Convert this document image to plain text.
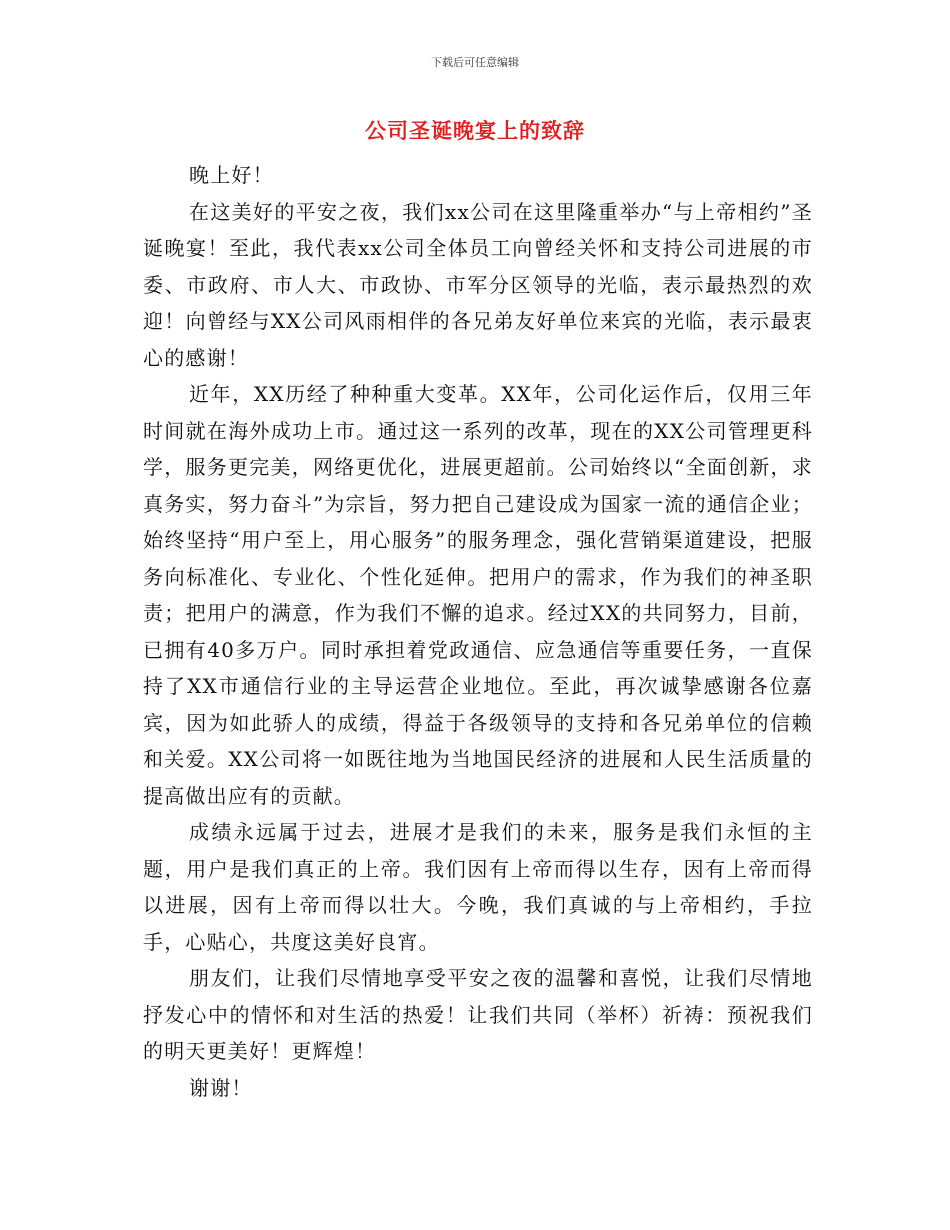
下载后可任意编辑
公司圣诞晚宴上的致辞

晚上好！

在这美好的平安之夜，我们xx公司在这里隆重举办“与上帝相约”圣诞晚宴！至此，我代表xx公司全体员工向曾经关怀和支持公司进展的市委、市政府、市人大、市政协、市军分区领导的光临，表示最热烈的欢迎！向曾经与XX公司风雨相伴的各兄弟友好单位来宾的光临，表示最衷心的感谢！

近年，XX历经了种种重大变革。XX年，公司化运作后，仅用三年时间就在海外成功上市。通过这一系列的改革，现在的XX公司管理更科学，服务更完美，网络更优化，进展更超前。公司始终以“全面创新，求真务实，努力奋斗”为宗旨，努力把自己建设成为国家一流的通信企业；始终坚持“用户至上，用心服务”的服务理念，强化营销渠道建设，把服务向标准化、专业化、个性化延伸。把用户的需求，作为我们的神圣职责；把用户的满意，作为我们不懈的追求。经过XX的共同努力，目前，已拥有40多万户。同时承担着党政通信、应急通信等重要任务，一直保持了XX市通信行业的主导运营企业地位。至此，再次诚挚感谢各位嘉宾，因为如此骄人的成绩，得益于各级领导的支持和各兄弟单位的信赖和关爱。XX公司将一如既往地为当地国民经济的进展和人民生活质量的提高做出应有的贡献。

成绩永远属于过去，进展才是我们的未来，服务是我们永恒的主题，用户是我们真正的上帝。我们因有上帝而得以生存，因有上帝而得以进展，因有上帝而得以壮大。今晚，我们真诚的与上帝相约，手拉手，心贴心，共度这美好良宵。

朋友们，让我们尽情地享受平安之夜的温馨和喜悦，让我们尽情地抒发心中的情怀和对生活的热爱！让我们共同（举杯）祈祷：预祝我们的明天更美好！更辉煌！

谢谢！
